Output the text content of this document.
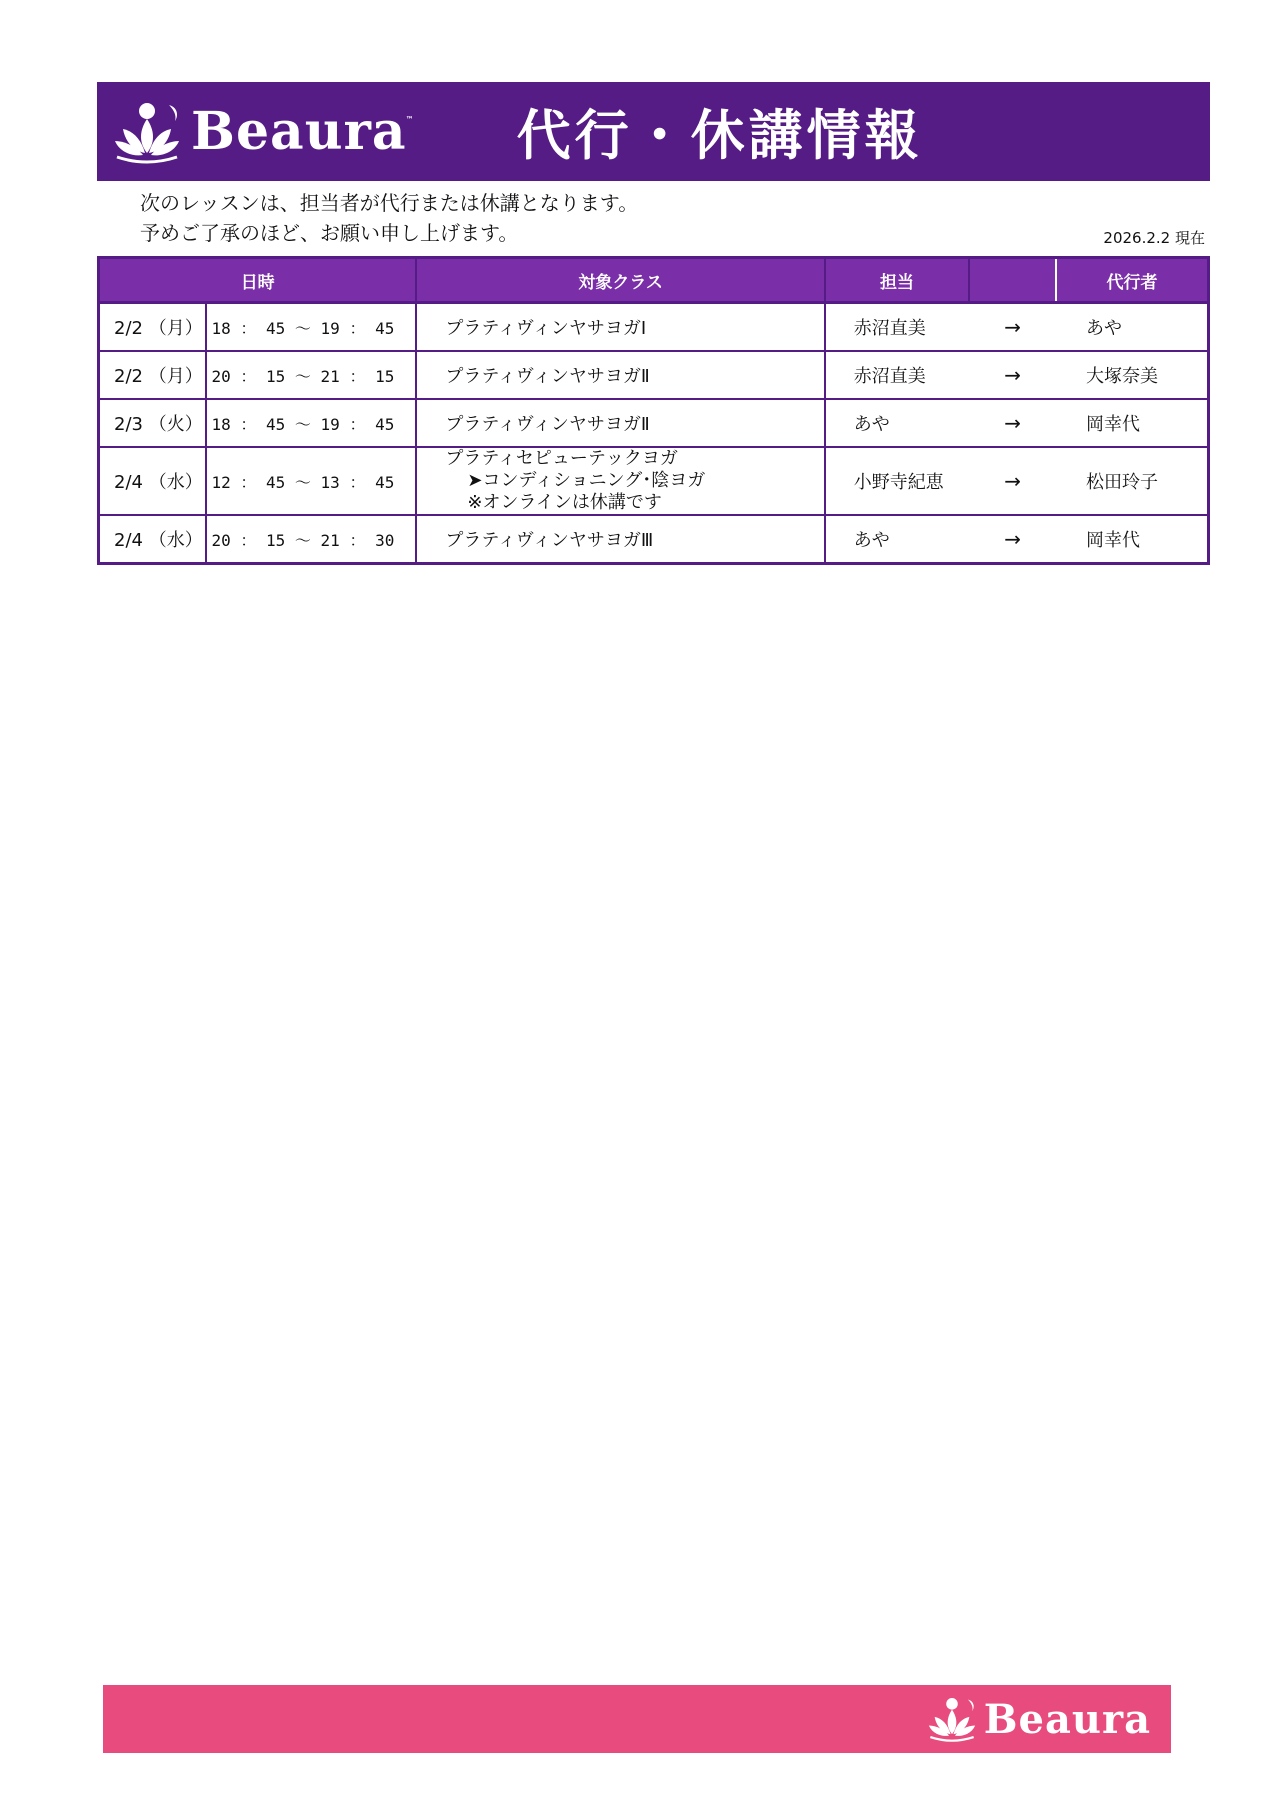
Beaura ™ 代行・休講情報
次のレッスンは、担当者が代行または休講となります。
予めご了承のほど、お願い申し上げます。	2026.2.2 現在
日時		対象クラス	担当		代行者
2/2 （月）	18 ： 45 〜 19 ： 45	プラティヴィンヤサヨガⅠ	赤沼直美	→	あや
2/2 （月）	20 ： 15 〜 21 ： 15	プラティヴィンヤサヨガⅡ	赤沼直美	→	大塚奈美
2/3 （火）	18 ： 45 〜 19 ： 45	プラティヴィンヤサヨガⅡ	あや	→	岡幸代
2/4 （水）	12 ： 45 〜 13 ： 45	プラティセピューテックヨガ
➤コンディショニング･陰ヨガ
※オンラインは休講です	小野寺紀恵	→	松田玲子
2/4 （水）	20 ： 15 〜 21 ： 30	プラティヴィンヤサヨガⅢ	あや	→	岡幸代
Beaura
